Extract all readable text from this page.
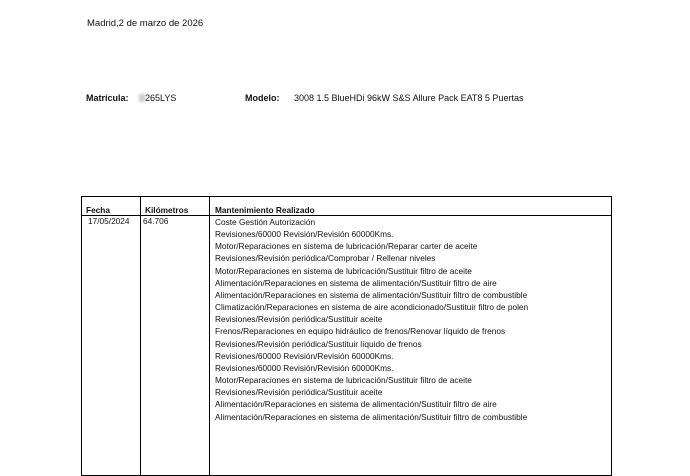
Madrid,2 de marzo de 2026
Matrícula:	265LYS	Modelo: 3008 1.5 BlueHDi 96kW S&S Allure Pack EAT8 5 Puertas
Fecha	Kilómetros	Mantenimiento Realizado
17/05/2024 64.706	Coste Gestión Autorización
Revisiones/60000 Revisión/Revisión 60000Kms.
Motor/Reparaciones en sistema de lubricación/Reparar carter de aceite
Revisiones/Revisión periódica/Comprobar / Rellenar niveles
Motor/Reparaciones en sistema de lubricación/Sustituir filtro de aceite
Alimentación/Reparaciones en sistema de alimentación/Sustituir filtro de aire
Alimentación/Reparaciones en sistema de alimentación/Sustituir filtro de combustible
Climatización/Reparaciones en sistema de aire acondicionado/Sustituir filtro de polen
Revisiones/Revisión periódica/Sustituir aceite
Frenos/Reparaciones en equipo hidráulico de frenos/Renovar líquido de frenos
Revisiones/Revisión periódica/Sustituir líquido de frenos
Revisiones/60000 Revisión/Revisión 60000Kms.
Revisiones/60000 Revisión/Revisión 60000Kms.
Motor/Reparaciones en sistema de lubricación/Sustituir filtro de aceite
Revisiones/Revisión periódica/Sustituir aceite
Alimentación/Reparaciones en sistema de alimentación/Sustituir filtro de aire
Alimentación/Reparaciones en sistema de alimentación/Sustituir filtro de combustible
